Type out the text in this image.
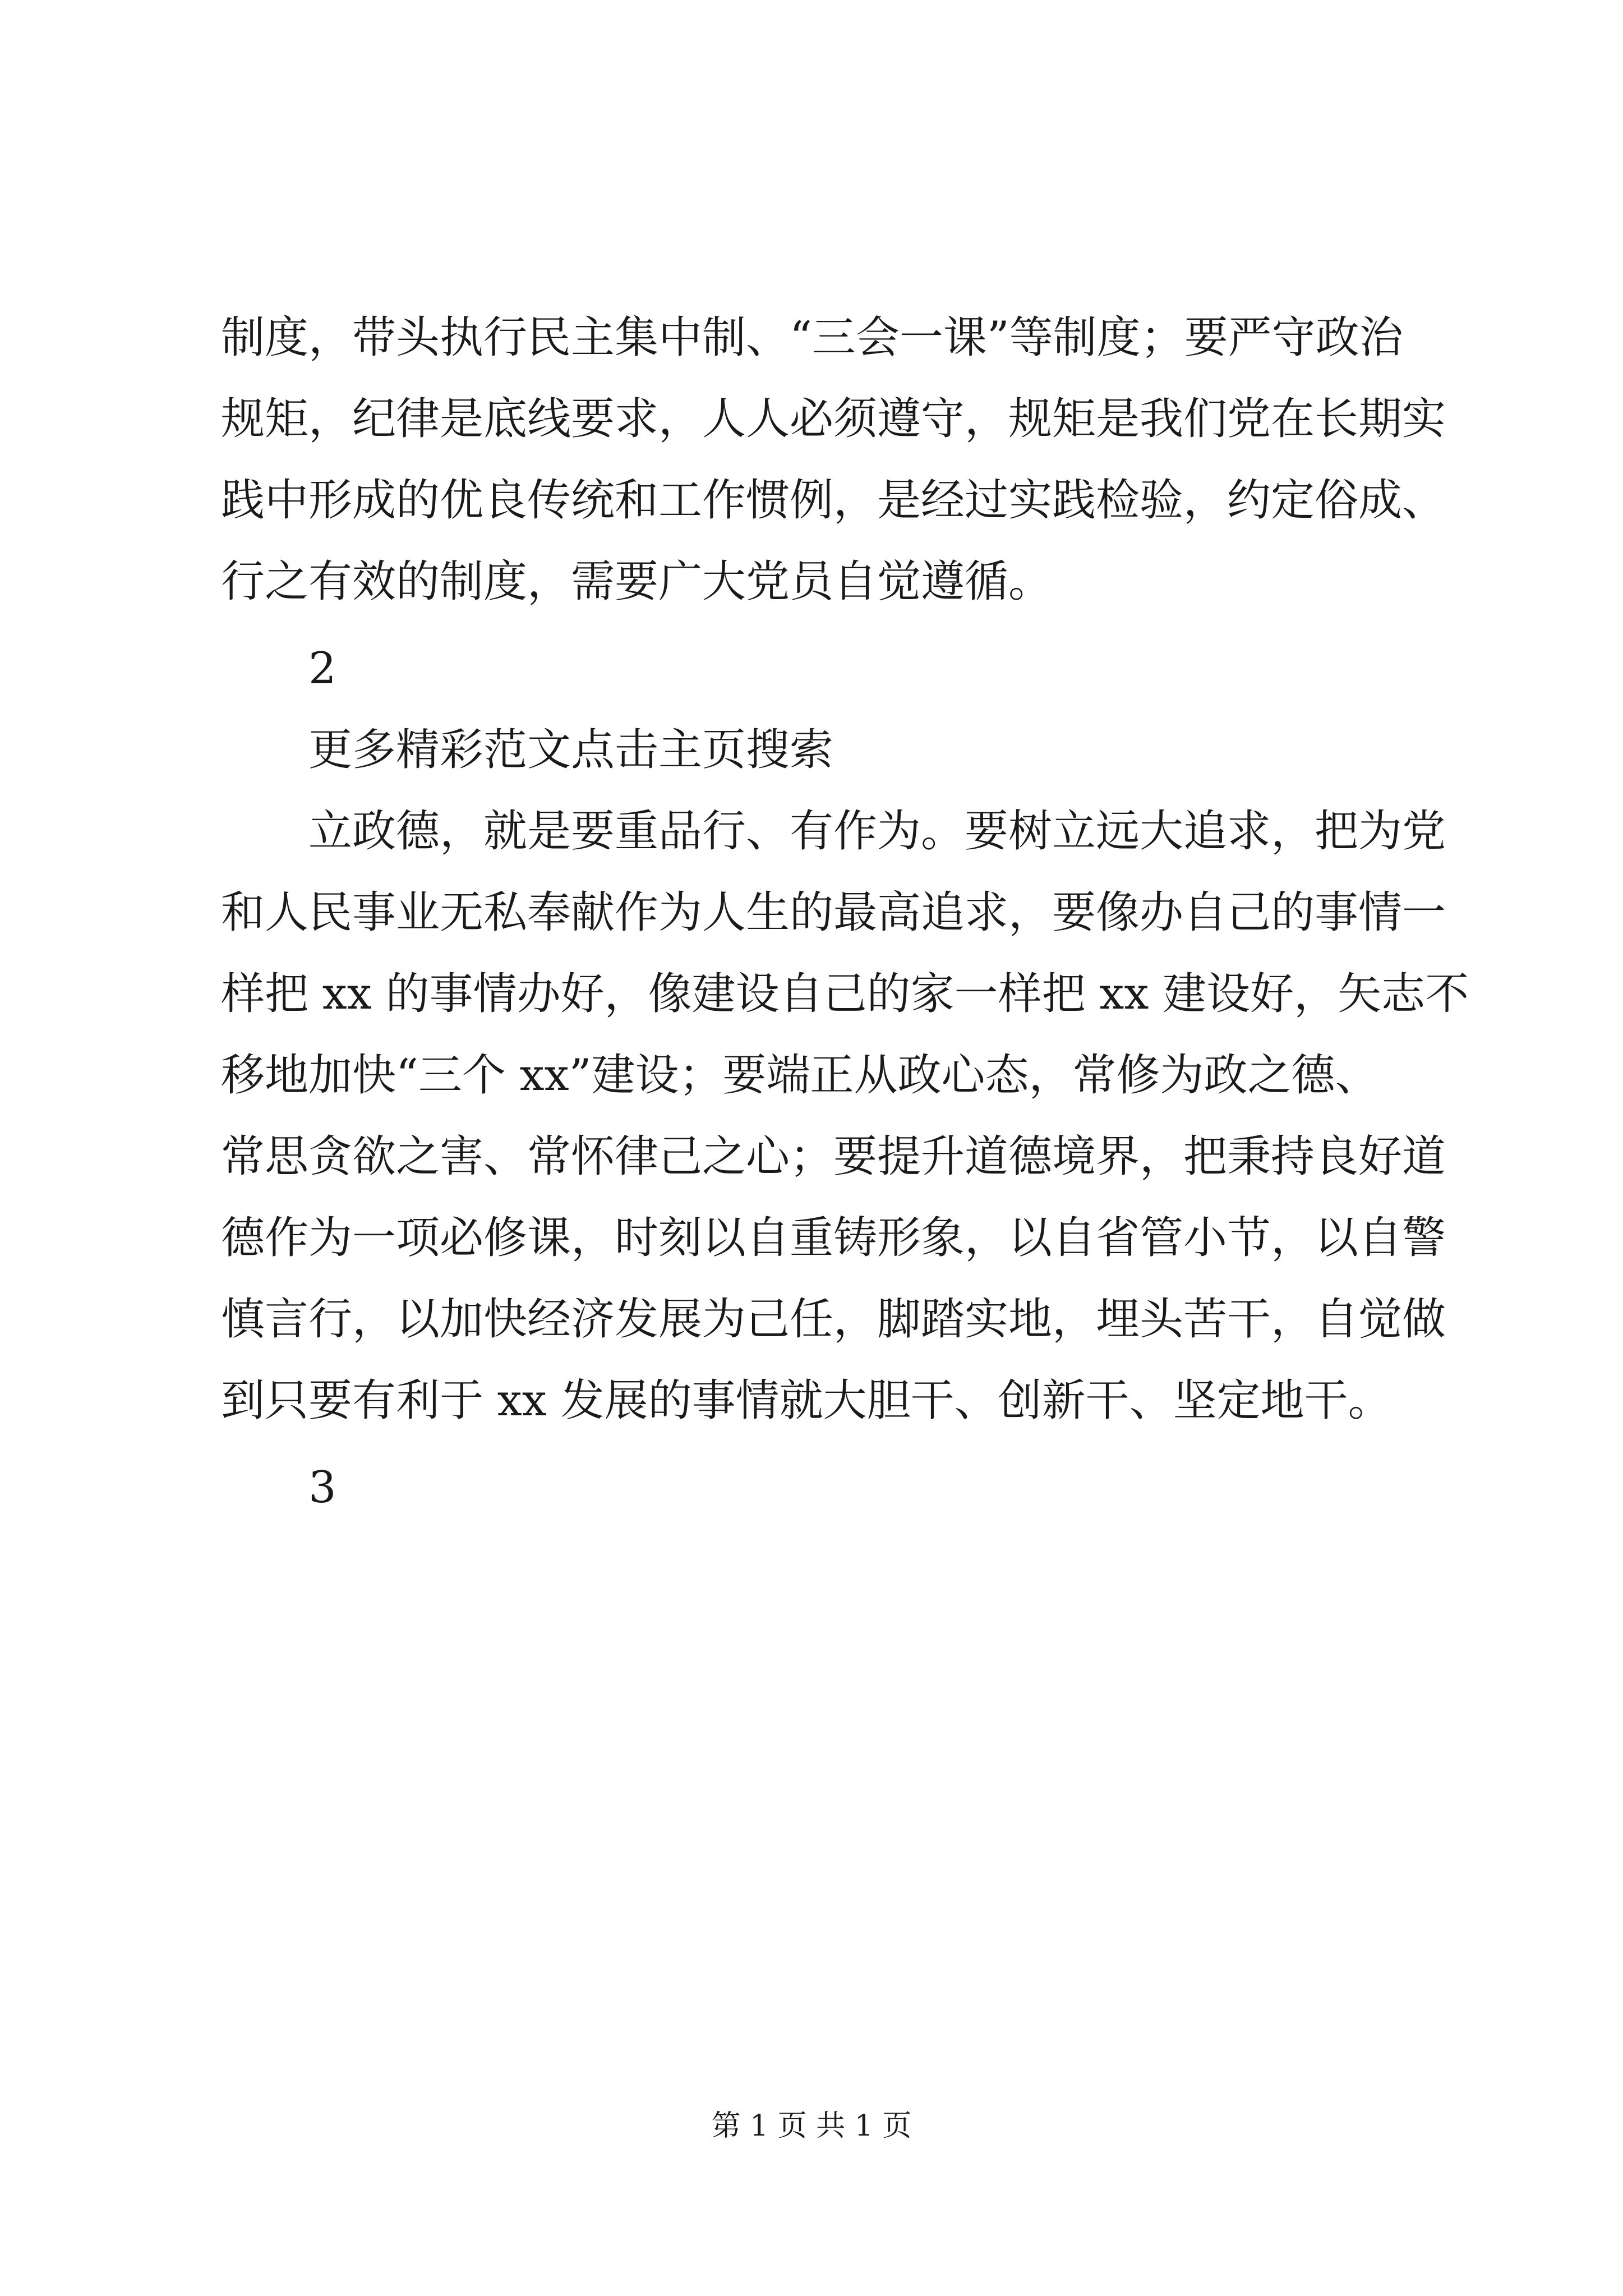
制度，带头执行民主集中制、“三会一课”等制度；要严守政治
规矩，纪律是底线要求，人人必须遵守，规矩是我们党在长期实
践中形成的优良传统和工作惯例，是经过实践检验，约定俗成、
行之有效的制度，需要广大党员自觉遵循。
2
更多精彩范文点击主页搜索
立政德，就是要重品行、有作为。要树立远大追求，把为党
和人民事业无私奉献作为人生的最高追求，要像办自己的事情一
样把 xx 的事情办好，像建设自己的家一样把 xx 建设好，矢志不
移地加快“三个 xx”建设；要端正从政心态，常修为政之德、
常思贪欲之害、常怀律己之心；要提升道德境界，把秉持良好道
德作为一项必修课，时刻以自重铸形象，以自省管小节，以自警
慎言行，以加快经济发展为己任，脚踏实地，埋头苦干，自觉做
到只要有利于 xx 发展的事情就大胆干、创新干、坚定地干。
3
第 1 页 共 1 页
